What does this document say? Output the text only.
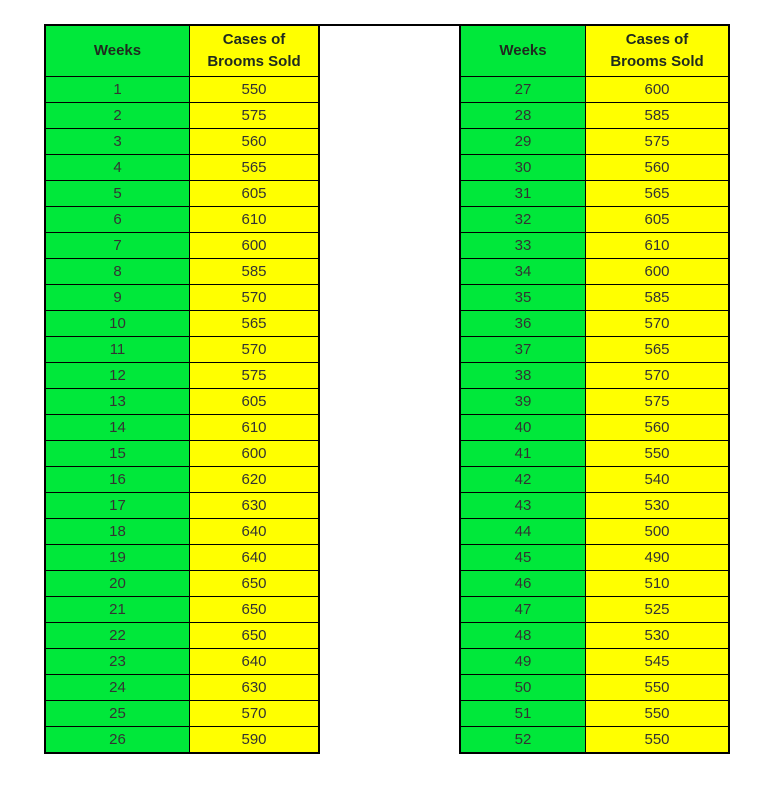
Weeks	Cases of
Brooms Sold

1	550
2	575
3	560
4	565
5	605
6	610
7	600
8	585
9	570
10	565
11	570
12	575
13	605
14	610
15	600
16	620
17	630
18	640
19	640
20	650
21	650
22	650
23	640
24	630
25	570
26	590
Weeks	Cases of
Brooms Sold

27	600
28	585
29	575
30	560
31	565
32	605
33	610
34	600
35	585
36	570
37	565
38	570
39	575
40	560
41	550
42	540
43	530
44	500
45	490
46	510
47	525
48	530
49	545
50	550
51	550
52	550
